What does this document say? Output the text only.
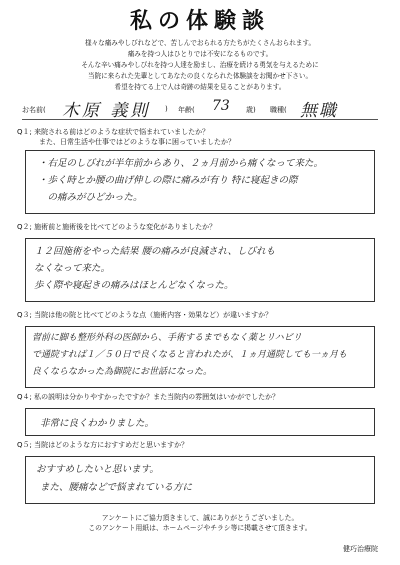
私の体験談
様々な痛みやしびれなどで、苦しんでおられる方たちがたくさんおられます。
痛みを持つ人はひとりでは不安になるものです。
そんな辛い痛みやしびれを持つ人達を励まし、治療を続ける勇気を与えるために
当院に来られた先輩としてあなたの良くなられた体験談をお聞かせ下さい。
希望を持てる上で人は奇跡の結果を見ることがあります。
お名前( 木原 義則 ) 年齢( 73 歳) 職種( 無職
Q１; 来院される前はどのような症状で悩まれていましたか？
また、日常生活や仕事ではどのような事に困っていましたか？
・右足のしびれが半年前からあり、２ヵ月前から痛くなって来た。
・歩く時とか腰の曲げ伸しの際に痛みが有り 特に寝起きの際
　の痛みがひどかった。
Q２; 施術前と施術後を比べてどのような変化がありましたか？
１２回施術をやった結果 腰の痛みが良減され、しびれも
なくなって来た。
歩く際や寝起きの痛みはほとんどなくなった。
Q３; 当院は他の院と比べてどのような点（施術内容・効果など）が違いますか？
習前に脚も整形外科の医師から、手術するまでもなく薬とリハビリ
で通院すれば１／５０日で良くなると言われたが、１ヵ月通院しても一ヵ月も
良くならなかった為御院にお世話になった。
Q４; 私の説明は分かりやすかったですか？また当院内の雰囲気はいかがでしたか？
非常に良くわかりました。
Q５; 当院はどのような方におすすめだと思いますか？
おすすめしたいと思います。
また、腰痛などで悩まれている方に
アンケートにご協力頂きまして、誠にありがとうございました。
このアンケート用紙は、ホームページやチラシ等に掲載させて頂きます。
健巧治療院
